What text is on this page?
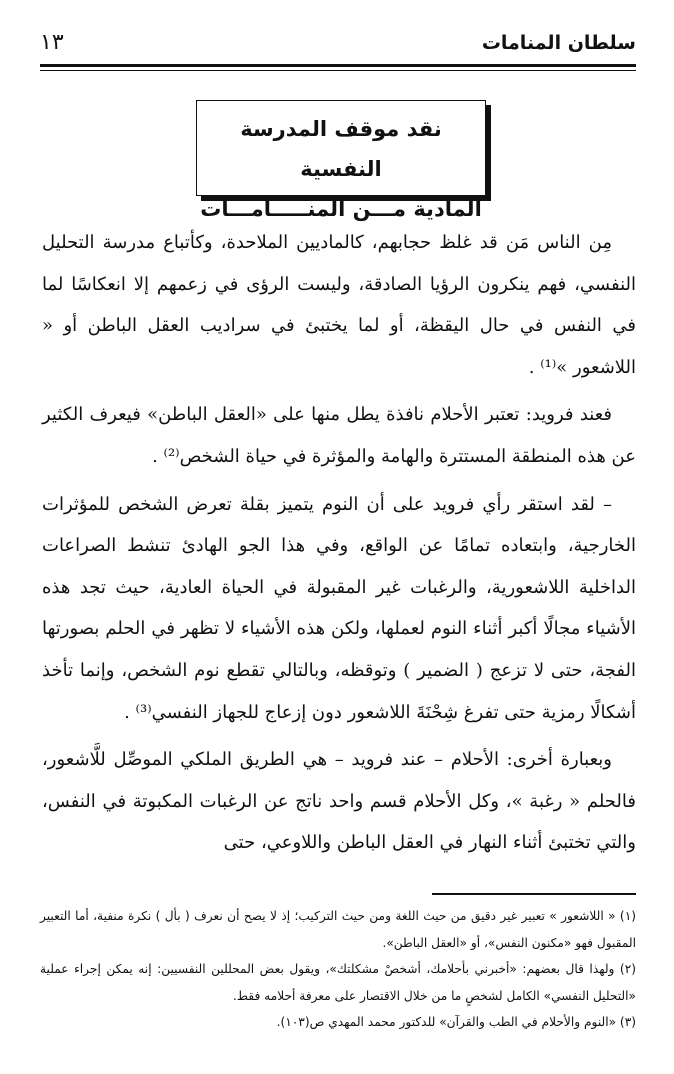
سلطان المنامات
١٣
نقد موقف المدرسة النفسية
المادية مـــن المنـــــامـــات

مِن الناس مَن قد غلظ حجابهم، كالماديين الملاحدة، وكأتباع مدرسة التحليل النفسي، فهم ينكرون الرؤيا الصادقة، وليست الرؤى في زعمهم إلا انعكاسًا لما في النفس في حال اليقظة، أو لما يختبئ في سراديب العقل الباطن أو « اللاشعور »⁽¹⁾ .

فعند فرويد: تعتبر الأحلام نافذة يطل منها على «العقل الباطن» فيعرف الكثير عن هذه المنطقة المستترة والهامة والمؤثرة في حياة الشخص⁽²⁾ .

– لقد استقر رأي فرويد على أن النوم يتميز بقلة تعرض الشخص للمؤثرات الخارجية، وابتعاده تمامًا عن الواقع، وفي هذا الجو الهادئ تنشط الصراعات الداخلية اللاشعورية، والرغبات غير المقبولة في الحياة العادية، حيث تجد هذه الأشياء مجالًا أكبر أثناء النوم لعملها، ولكن هذه الأشياء لا تظهر في الحلم بصورتها الفجة، حتى لا تزعج ( الضمير ) وتوقظه، وبالتالي تقطع نوم الشخص، وإنما تأخذ أشكالًا رمزية حتى تفرغ شِحْنَةَ اللاشعور دون إزعاج للجهاز النفسي⁽³⁾ .

وبعبارة أخرى: الأحلام – عند فرويد – هي الطريق الملكي الموصِّل للَّاشعور، فالحلم « رغبة »، وكل الأحلام قسم واحد ناتج عن الرغبات المكبوتة في النفس، والتي تختبئ أثناء النهار في العقل الباطن واللاوعي، حتى

(١) « اللاشعور » تعبير غير دقيق من حيث اللغة ومن حيث التركيب؛ إذ لا يصح أن نعرف ( بأل ) نكرة منفية، أما التعبير المقبول فهو «مكنون النفس»، أو «العقل الباطن».

(٢) ولهذا قال بعضهم: «أخبرني بأحلامك، أشخصْ مشكلتك»، ويقول بعض المحللين النفسيين: إنه يمكن إجراء عملية «التحليل النفسي» الكامل لشخصٍ ما من خلال الاقتصار على معرفة أحلامه فقط.

(٣) «النوم والأحلام في الطب والقرآن» للدكتور محمد المهدي ص(١٠٣).
